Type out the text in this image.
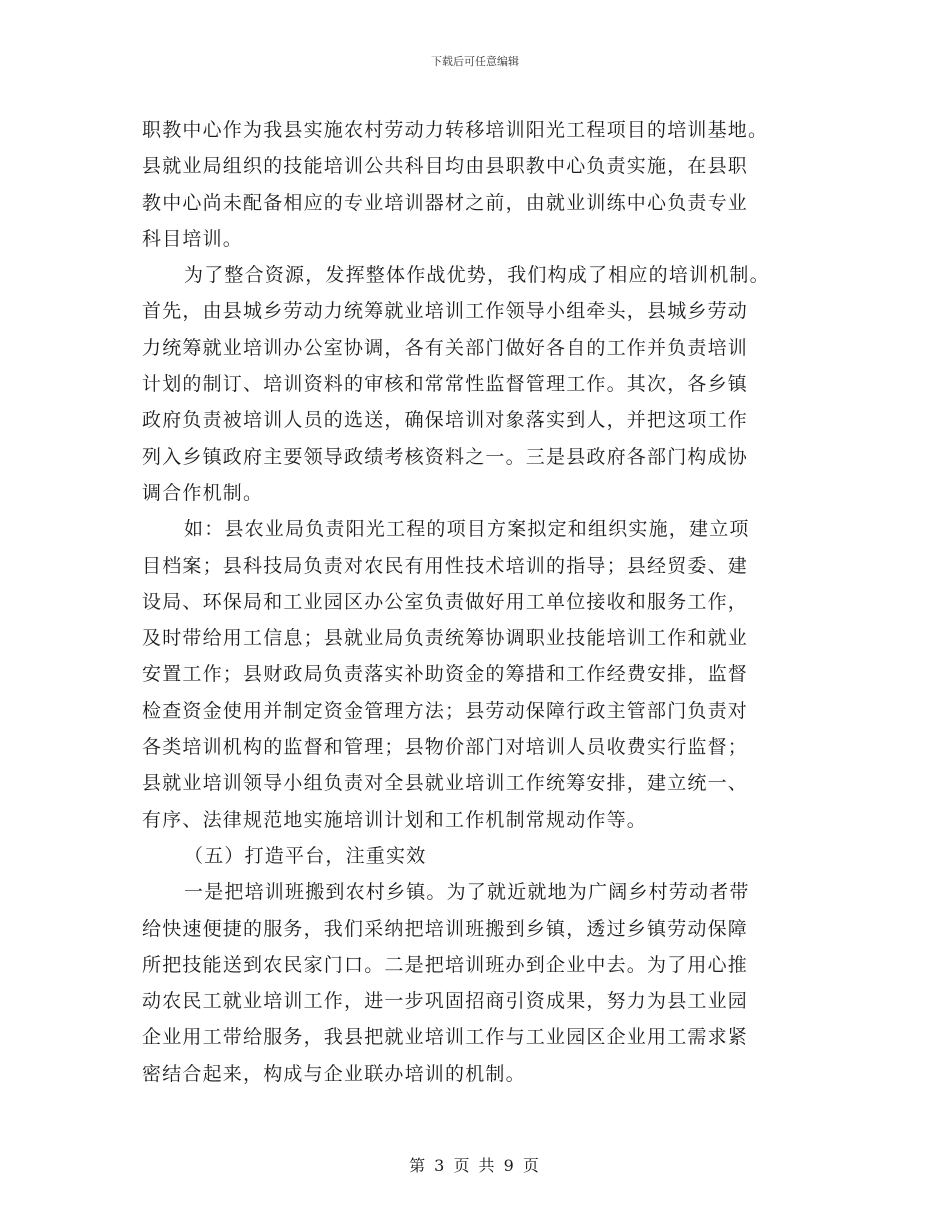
下载后可任意编辑
职教中心作为我县实施农村劳动力转移培训阳光工程项目的培训基地。
县就业局组织的技能培训公共科目均由县职教中心负责实施，在县职
教中心尚未配备相应的专业培训器材之前，由就业训练中心负责专业
科目培训。
为了整合资源，发挥整体作战优势，我们构成了相应的培训机制。
首先，由县城乡劳动力统筹就业培训工作领导小组牵头，县城乡劳动
力统筹就业培训办公室协调，各有关部门做好各自的工作并负责培训
计划的制订、培训资料的审核和常常性监督管理工作。其次，各乡镇
政府负责被培训人员的选送，确保培训对象落实到人，并把这项工作
列入乡镇政府主要领导政绩考核资料之一。三是县政府各部门构成协
调合作机制。
如：县农业局负责阳光工程的项目方案拟定和组织实施，建立项
目档案；县科技局负责对农民有用性技术培训的指导；县经贸委、建
设局、环保局和工业园区办公室负责做好用工单位接收和服务工作，
及时带给用工信息；县就业局负责统筹协调职业技能培训工作和就业
安置工作；县财政局负责落实补助资金的筹措和工作经费安排，监督
检查资金使用并制定资金管理方法；县劳动保障行政主管部门负责对
各类培训机构的监督和管理；县物价部门对培训人员收费实行监督；
县就业培训领导小组负责对全县就业培训工作统筹安排，建立统一、
有序、法律规范地实施培训计划和工作机制常规动作等。
（五）打造平台，注重实效
一是把培训班搬到农村乡镇。为了就近就地为广阔乡村劳动者带
给快速便捷的服务，我们采纳把培训班搬到乡镇，透过乡镇劳动保障
所把技能送到农民家门口。二是把培训班办到企业中去。为了用心推
动农民工就业培训工作，进一步巩固招商引资成果，努力为县工业园
企业用工带给服务，我县把就业培训工作与工业园区企业用工需求紧
密结合起来，构成与企业联办培训的机制。
第 3 页 共 9 页
